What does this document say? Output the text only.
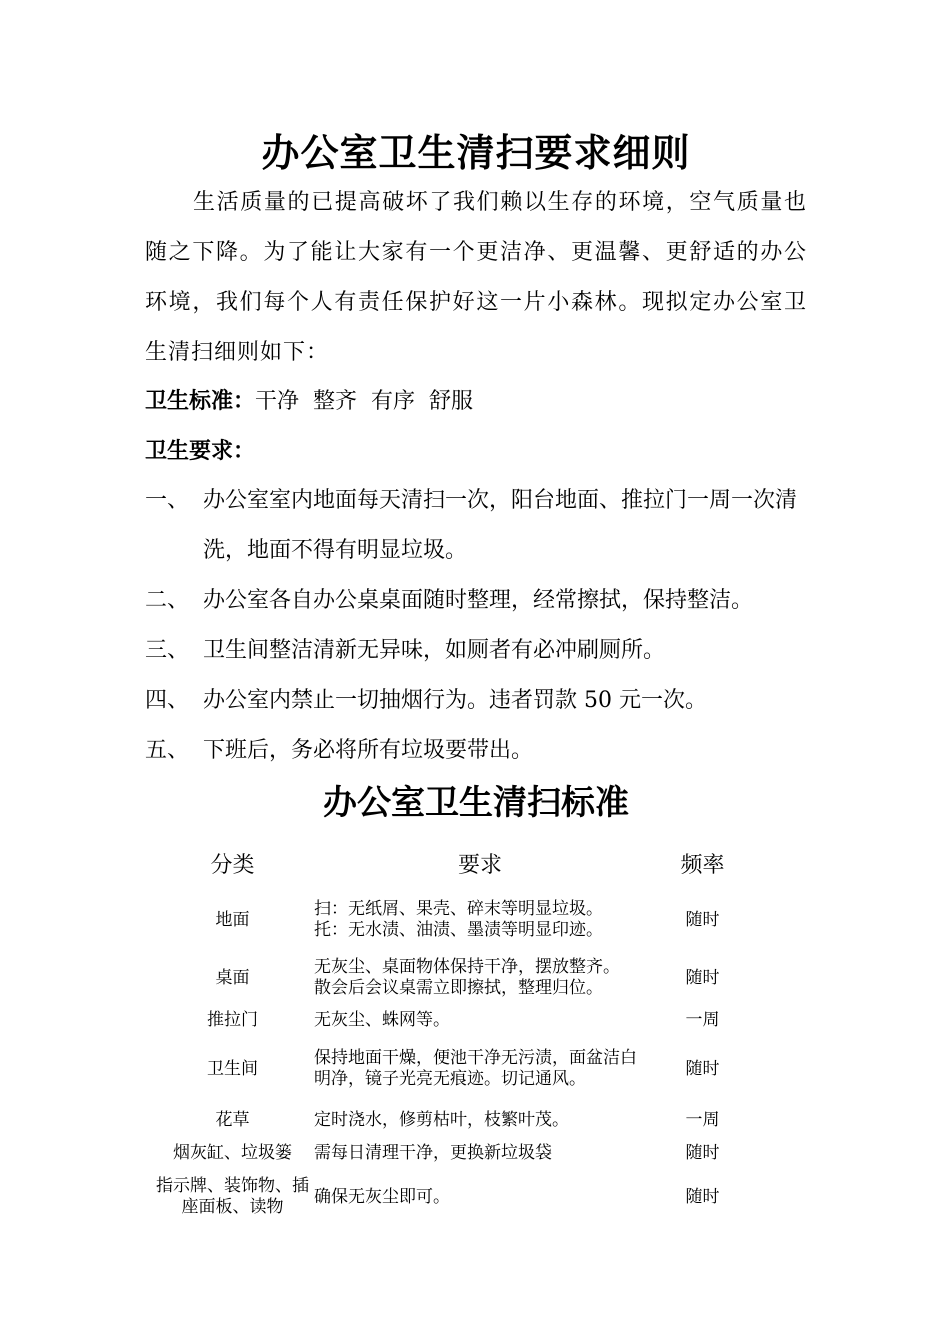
办公室卫生清扫要求细则

生活质量的已提高破坏了我们赖以生存的环境，空气质量也随之下降。为了能让大家有一个更洁净、更温馨、更舒适的办公环境，我们每个人有责任保护好这一片小森林。现拟定办公室卫生清扫细则如下：

卫生标准：干净  整齐  有序  舒服
卫生要求：
一、 办公室室内地面每天清扫一次，阳台地面、推拉门一周一次清洗，地面不得有明显垃圾。
二、 办公室各自办公桌桌面随时整理，经常擦拭，保持整洁。
三、 卫生间整洁清新无异味，如厕者有必冲刷厕所。
四、 办公室内禁止一切抽烟行为。违者罚款 50 元一次。
五、 下班后，务必将所有垃圾要带出。
办公室卫生清扫标准
分类	要求	频率
地面	扫：无纸屑、果壳、碎末等明显垃圾。
托：无水渍、油渍、墨渍等明显印迹。	随时
桌面	无灰尘、桌面物体保持干净，摆放整齐。
散会后会议桌需立即擦拭，整理归位。	随时
推拉门	无灰尘、蛛网等。	一周
卫生间	保持地面干燥，便池干净无污渍，面盆洁白明净，镜子光亮无痕迹。切记通风。	随时
花草	定时浇水，修剪枯叶，枝繁叶茂。	一周
烟灰缸、垃圾篓	需每日清理干净，更换新垃圾袋	随时
指示牌、装饰物、插座面板、读物	确保无灰尘即可。	随时
